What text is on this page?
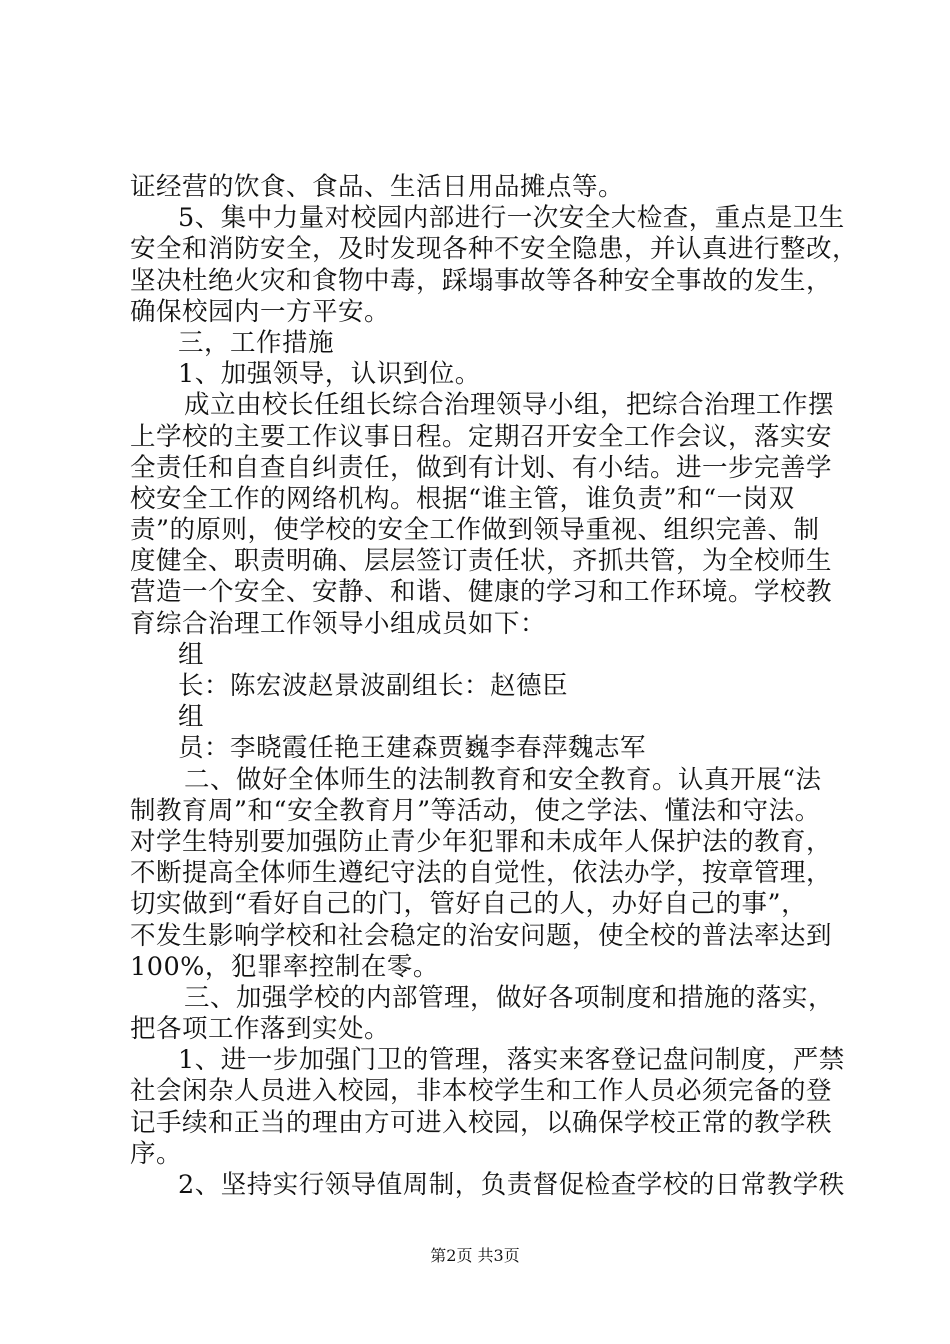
证经营的饮食、食品、生活日用品摊点等。
5、集中力量对校园内部进行一次安全大检查，重点是卫生
安全和消防安全，及时发现各种不安全隐患，并认真进行整改，
坚决杜绝火灾和食物中毒，踩塌事故等各种安全事故的发生，
确保校园内一方平安。
三，工作措施
1、加强领导，认识到位。
成立由校长任组长综合治理领导小组，把综合治理工作摆
上学校的主要工作议事日程。定期召开安全工作会议，落实安
全责任和自查自纠责任，做到有计划、有小结。进一步完善学
校安全工作的网络机构。根据“谁主管，谁负责”和“一岗双
责”的原则，使学校的安全工作做到领导重视、组织完善、制
度健全、职责明确、层层签订责任状，齐抓共管，为全校师生
营造一个安全、安静、和谐、健康的学习和工作环境。学校教
育综合治理工作领导小组成员如下：
组
长：陈宏波赵景波副组长：赵德臣
组
员：李晓霞任艳王建森贾巍李春萍魏志军
二、做好全体师生的法制教育和安全教育。认真开展“法
制教育周”和“安全教育月”等活动，使之学法、懂法和守法。
对学生特别要加强防止青少年犯罪和未成年人保护法的教育，
不断提高全体师生遵纪守法的自觉性，依法办学，按章管理，
切实做到“看好自己的门，管好自己的人，办好自己的事”，
不发生影响学校和社会稳定的治安问题，使全校的普法率达到
100%，犯罪率控制在零。
三、加强学校的内部管理，做好各项制度和措施的落实，
把各项工作落到实处。
1、进一步加强门卫的管理，落实来客登记盘问制度，严禁
社会闲杂人员进入校园，非本校学生和工作人员必须完备的登
记手续和正当的理由方可进入校园，以确保学校正常的教学秩
序。
2、坚持实行领导值周制，负责督促检查学校的日常教学秩
第2页 共3页
